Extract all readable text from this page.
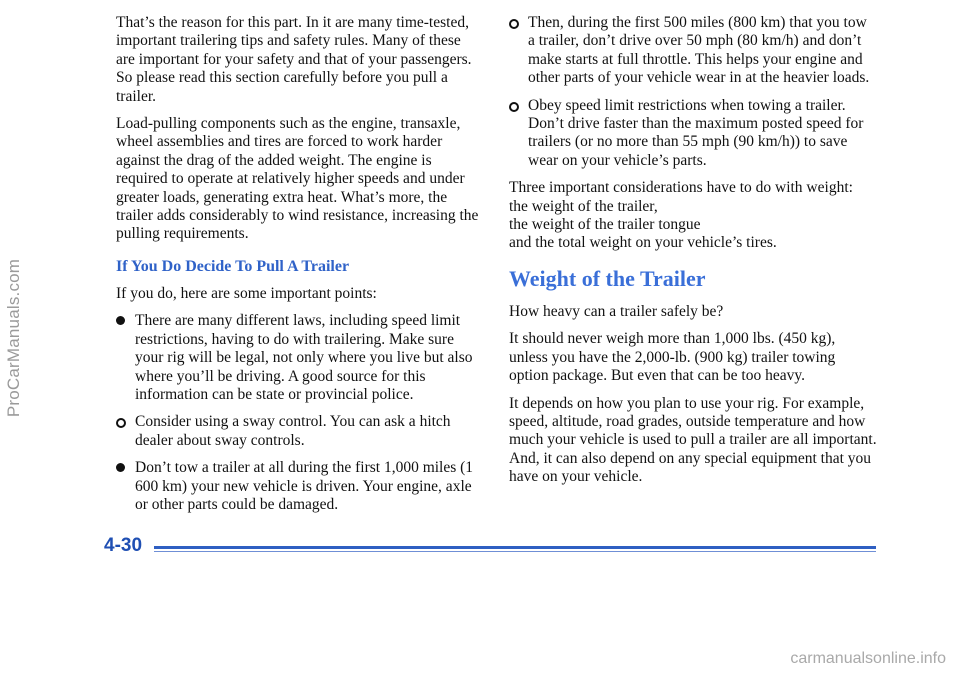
ProCarManuals.com

That’s the reason for this part. In it are many time-tested, important trailering tips and safety rules. Many of these are important for your safety and that of your passengers. So please read this section carefully before you pull a trailer.

Load-pulling components such as the engine, transaxle, wheel assemblies and tires are forced to work harder against the drag of the added weight. The engine is required to operate at relatively higher speeds and under greater loads, generating extra heat. What’s more, the trailer adds considerably to wind resistance, increasing the pulling requirements.

If You Do Decide To Pull A Trailer

If you do, here are some important points:

There are many different laws, including speed limit restrictions, having to do with trailering. Make sure your rig will be legal, not only where you live but also where you’ll be driving. A good source for this information can be state or provincial police.

Consider using a sway control. You can ask a hitch dealer about sway controls.

Don’t tow a trailer at all during the first 1,000 miles (1 600 km) your new vehicle is driven. Your engine, axle or other parts could be damaged.

Then, during the first 500 miles (800 km) that you tow a trailer, don’t drive over 50 mph (80 km/h) and don’t make starts at full throttle. This helps your engine and other parts of your vehicle wear in at the heavier loads.

Obey speed limit restrictions when towing a trailer. Don’t drive faster than the maximum posted speed for trailers (or no more than 55 mph (90 km/h)) to save wear on your vehicle’s parts.

Three important considerations have to do with weight:

the weight of the trailer,

the weight of the trailer tongue

and the total weight on your vehicle’s tires.

Weight of the Trailer

How heavy can a trailer safely be?

It should never weigh more than 1,000 lbs. (450 kg), unless you have the 2,000-lb. (900 kg) trailer towing option package. But even that can be too heavy.

It depends on how you plan to use your rig. For example, speed, altitude, road grades, outside temperature and how much your vehicle is used to pull a trailer are all important. And, it can also depend on any special equipment that you have on your vehicle.

4-30
carmanualsonline.info
